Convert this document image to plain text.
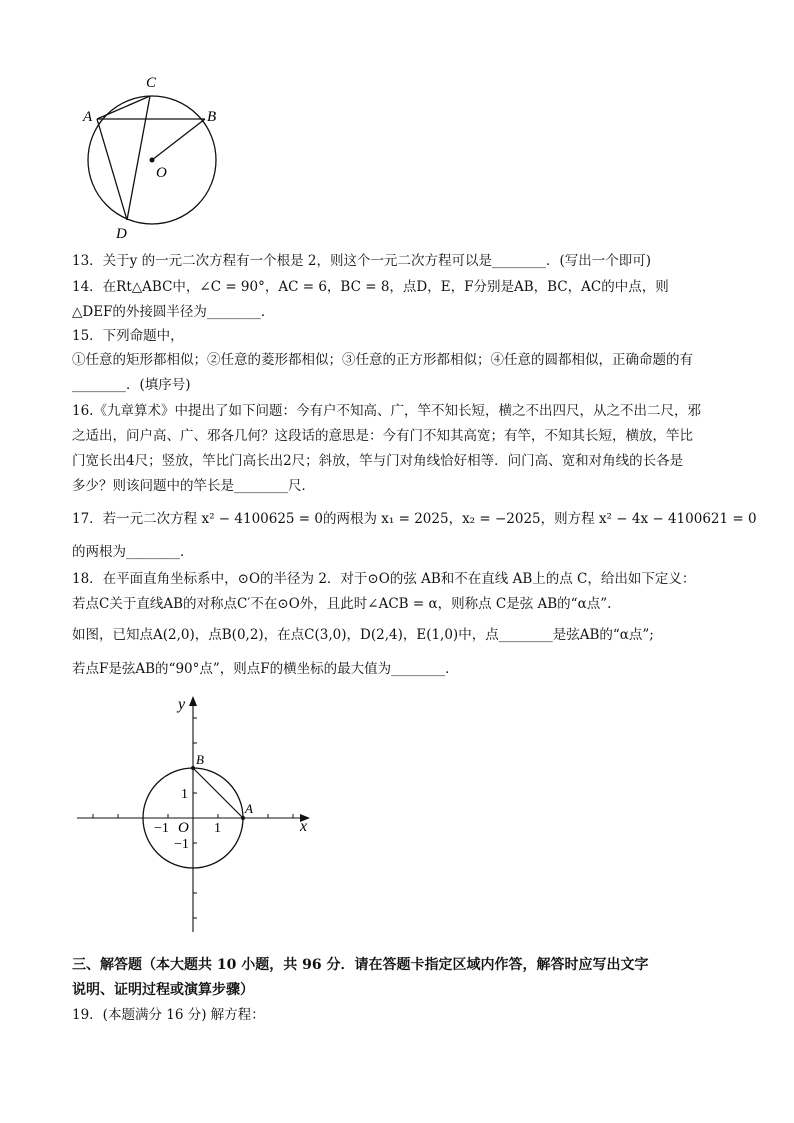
C
A	B
O
D
13．关于y 的一元二次方程有一个根是 2，则这个一元二次方程可以是________．(写出一个即可)
14．在Rt△ABC中，∠C = 90°，AC = 6，BC = 8，点D，E，F分别是AB，BC，AC的中点，则
△DEF的外接圆半径为________．
15．下列命题中，
①任意的矩形都相似；②任意的菱形都相似；③任意的正方形都相似；④任意的圆都相似，正确命题的有
________．(填序号)
16.《九章算术》中提出了如下问题：今有户不知高、广，竿不知长短，横之不出四尺，从之不出二尺，邪
之适出，问户高、广、邪各几何？这段话的意思是：今有门不知其高宽；有竿，不知其长短，横放，竿比
门宽长出4尺；竖放，竿比门高长出2尺；斜放，竿与门对角线恰好相等．问门高、宽和对角线的长各是
多少？则该问题中的竿长是________尺．
17．若一元二次方程 x² − 4100625 = 0的两根为 x₁ = 2025，x₂ = −2025，则方程 x² − 4x − 4100621 = 0
的两根为________．
18．在平面直角坐标系中，⊙O的半径为 2．对于⊙O的弦 AB和不在直线 AB上的点 C，给出如下定义：
若点C关于直线AB的对称点C′不在⊙O外，且此时∠ACB = α，则称点 C是弦 AB的“α点”.
如图，已知点A(2,0)，点B(0,2)，在点C(3,0)，D(2,4)，E(1,0)中，点________是弦AB的“α点”;
若点F是弦AB的“90°点”，则点F的横坐标的最大值为________．
y
x
B
A
O
1
−1	1
−1
三、解答题（本大题共 10 小题，共 96 分．请在答题卡指定区域内作答，解答时应写出文字
说明、证明过程或演算步骤）
19．(本题满分 16 分) 解方程：
